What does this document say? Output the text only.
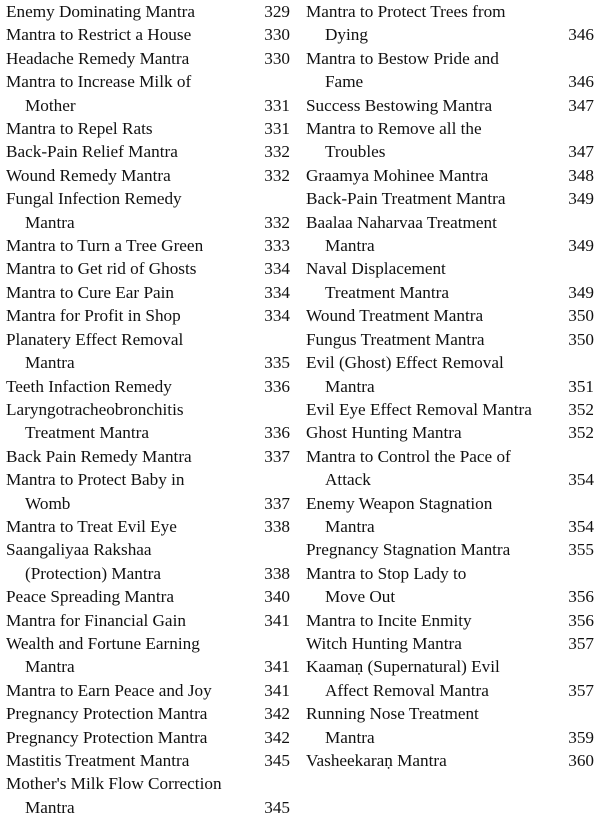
Enemy Dominating Mantra	329
Mantra to Restrict a House	330
Headache Remedy Mantra	330
Mantra to Increase Milk of
Mother	331
Mantra to Repel Rats	331
Back-Pain Relief Mantra	332
Wound Remedy Mantra	332
Fungal Infection Remedy
Mantra	332
Mantra to Turn a Tree Green	333
Mantra to Get rid of Ghosts	334
Mantra to Cure Ear Pain	334
Mantra for Profit in Shop	334
Planatery Effect Removal
Mantra	335
Teeth Infaction Remedy	336
Laryngotracheobronchitis
Treatment Mantra	336
Back Pain Remedy Mantra	337
Mantra to Protect Baby in
Womb	337
Mantra to Treat Evil Eye	338
Saangaliyaa Rakshaa
(Protection) Mantra	338
Peace Spreading Mantra	340
Mantra for Financial Gain	341
Wealth and Fortune Earning
Mantra	341
Mantra to Earn Peace and Joy	341
Pregnancy Protection Mantra	342
Pregnancy Protection Mantra	342
Mastitis Treatment Mantra	345
Mother's Milk Flow Correction
Mantra	345
Mantra to Protect Trees from
Dying	346
Mantra to Bestow Pride and
Fame	346
Success Bestowing Mantra	347
Mantra to Remove all the
Troubles	347
Graamya Mohinee Mantra	348
Back-Pain Treatment Mantra	349
Baalaa Naharvaa Treatment
Mantra	349
Naval Displacement
Treatment Mantra	349
Wound Treatment Mantra	350
Fungus Treatment Mantra	350
Evil (Ghost) Effect Removal
Mantra	351
Evil Eye Effect Removal Mantra	352
Ghost Hunting Mantra	352
Mantra to Control the Pace of
Attack	354
Enemy Weapon Stagnation
Mantra	354
Pregnancy Stagnation Mantra	355
Mantra to Stop Lady to
Move Out	356
Mantra to Incite Enmity	356
Witch Hunting Mantra	357
Kaamaṇ (Supernatural) Evil
Affect Removal Mantra	357
Running Nose Treatment
Mantra	359
Vasheekaraṇ Mantra	360
